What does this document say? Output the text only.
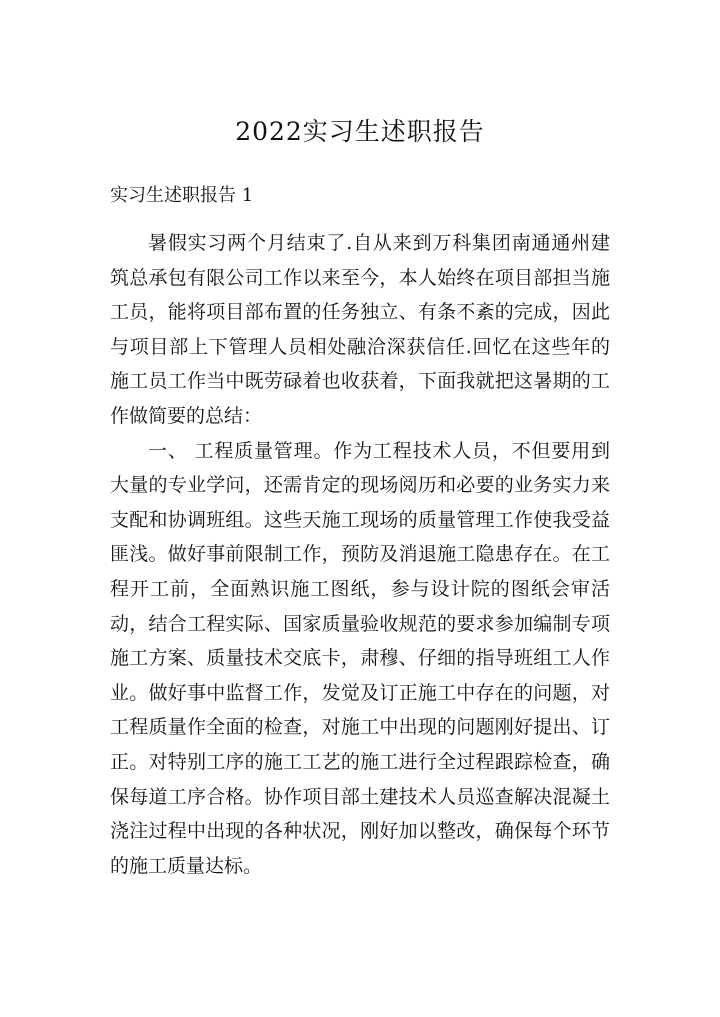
2022实习生述职报告
实习生述职报告 1

暑假实习两个月结束了.自从来到万科集团南通通州建筑总承包有限公司工作以来至今，本人始终在项目部担当施工员，能将项目部布置的任务独立、有条不紊的完成，因此与项目部上下管理人员相处融洽深获信任.回忆在这些年的施工员工作当中既劳碌着也收获着，下面我就把这暑期的工作做简要的总结：

一、 工程质量管理。作为工程技术人员，不但要用到大量的专业学问，还需肯定的现场阅历和必要的业务实力来支配和协调班组。这些天施工现场的质量管理工作使我受益匪浅。做好事前限制工作，预防及消退施工隐患存在。在工程开工前，全面熟识施工图纸，参与设计院的图纸会审活动，结合工程实际、国家质量验收规范的要求参加编制专项施工方案、质量技术交底卡，肃穆、仔细的指导班组工人作业。做好事中监督工作，发觉及订正施工中存在的问题，对工程质量作全面的检查，对施工中出现的问题刚好提出、订正。对特别工序的施工工艺的施工进行全过程跟踪检查，确保每道工序合格。协作项目部土建技术人员巡查解决混凝土浇注过程中出现的各种状况，刚好加以整改，确保每个环节的施工质量达标。
